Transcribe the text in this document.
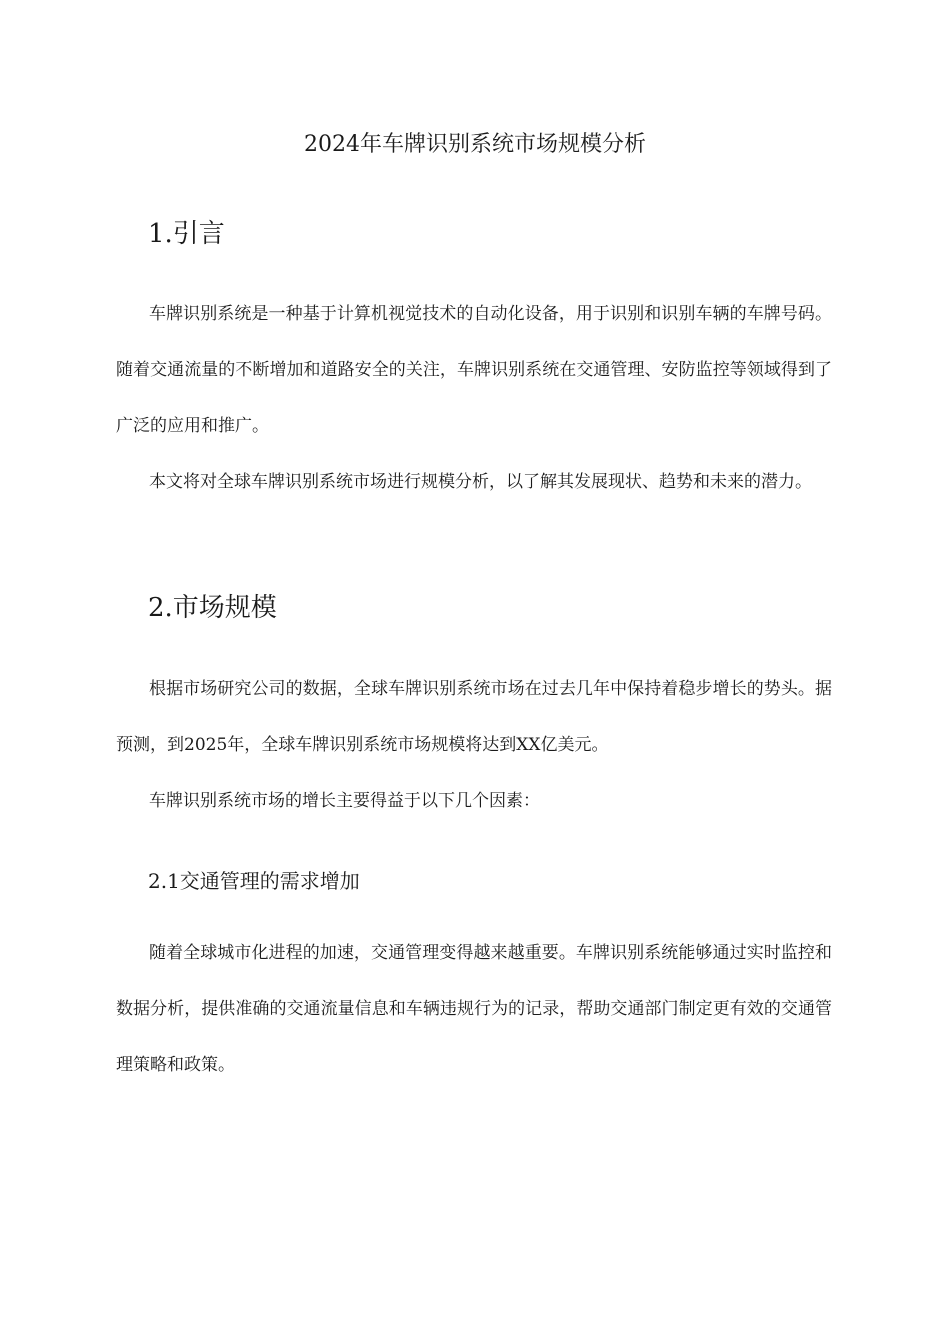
2024年车牌识别系统市场规模分析
1.引言

车牌识别系统是一种基于计算机视觉技术的自动化设备，用于识别和识别车辆的车牌号码。随着交通流量的不断增加和道路安全的关注，车牌识别系统在交通管理、安防监控等领域得到了广泛的应用和推广。

本文将对全球车牌识别系统市场进行规模分析，以了解其发展现状、趋势和未来的潜力。

2.市场规模

根据市场研究公司的数据，全球车牌识别系统市场在过去几年中保持着稳步增长的势头。据预测，到2025年，全球车牌识别系统市场规模将达到XX亿美元。

车牌识别系统市场的增长主要得益于以下几个因素：

2.1交通管理的需求增加

随着全球城市化进程的加速，交通管理变得越来越重要。车牌识别系统能够通过实时监控和数据分析，提供准确的交通流量信息和车辆违规行为的记录，帮助交通部门制定更有效的交通管理策略和政策。
